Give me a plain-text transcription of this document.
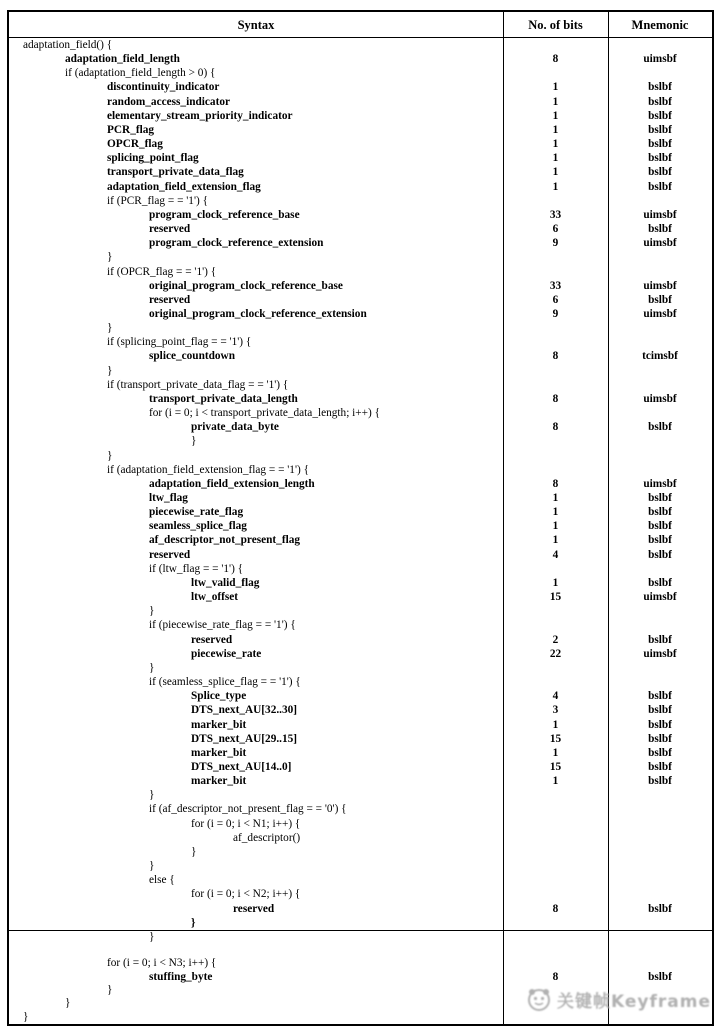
Syntax	No. of bits	Mnemonic
adaptation_field() {
adaptation_field_length	8	uimsbf
if (adaptation_field_length > 0) {
discontinuity_indicator	1	bslbf
random_access_indicator	1	bslbf
elementary_stream_priority_indicator	1	bslbf
PCR_flag	1	bslbf
OPCR_flag	1	bslbf
splicing_point_flag	1	bslbf
transport_private_data_flag	1	bslbf
adaptation_field_extension_flag	1	bslbf
if (PCR_flag = = '1') {
program_clock_reference_base	33	uimsbf
reserved	6	bslbf
program_clock_reference_extension	9	uimsbf
}
if (OPCR_flag = = '1') {
original_program_clock_reference_base	33	uimsbf
reserved	6	bslbf
original_program_clock_reference_extension	9	uimsbf
}
if (splicing_point_flag = = '1') {
splice_countdown	8	tcimsbf
}
if (transport_private_data_flag = = '1') {
transport_private_data_length	8	uimsbf
for (i = 0; i < transport_private_data_length; i++) {
private_data_byte	8	bslbf
}
}
if (adaptation_field_extension_flag = = '1') {
adaptation_field_extension_length	8	uimsbf
ltw_flag	1	bslbf
piecewise_rate_flag	1	bslbf
seamless_splice_flag	1	bslbf
af_descriptor_not_present_flag	1	bslbf
reserved	4	bslbf
if (ltw_flag = = '1') {
ltw_valid_flag	1	bslbf
ltw_offset	15	uimsbf
}
if (piecewise_rate_flag = = '1') {
reserved	2	bslbf
piecewise_rate	22	uimsbf
}
if (seamless_splice_flag = = '1') {
Splice_type	4	bslbf
DTS_next_AU[32..30]	3	bslbf
marker_bit	1	bslbf
DTS_next_AU[29..15]	15	bslbf
marker_bit	1	bslbf
DTS_next_AU[14..0]	15	bslbf
marker_bit	1	bslbf
}
if (af_descriptor_not_present_flag = = '0') {
for (i = 0; i < N1; i++) {
af_descriptor()
}
}
else {
for (i = 0; i < N2; i++) {
reserved	8	bslbf
}
}
for (i = 0; i < N3; i++) {
stuffing_byte	8	bslbf
}
}
}
关键帧Keyframe
